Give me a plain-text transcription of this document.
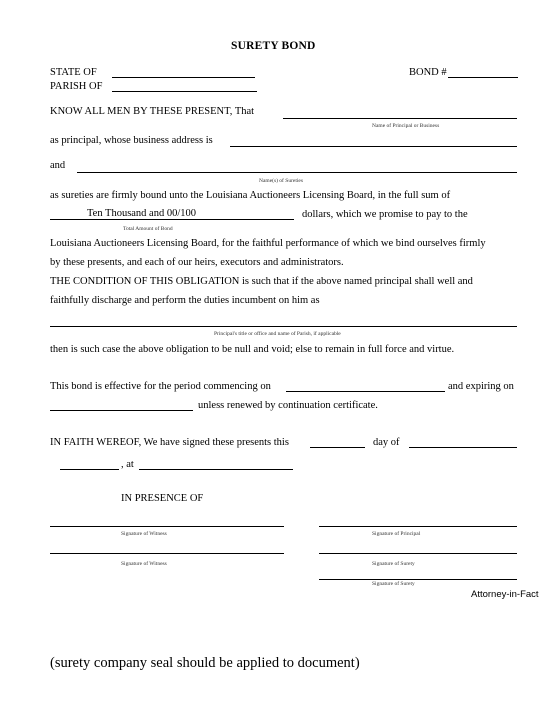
SURETY BOND
STATE OF
PARISH OF
BOND #
KNOW ALL MEN BY THESE PRESENT, That
Name of Principal or Business
as principal, whose business address is
and
Name(s) of Sureties
as sureties are firmly bound unto the Louisiana Auctioneers Licensing Board, in the full sum of
Ten Thousand and 00/100	dollars, which we promise to pay to the
Total Amount of Bond
Louisiana Auctioneers Licensing Board, for the faithful performance of which we bind ourselves firmly
by these presents, and each of our heirs, executors and administrators.
THE CONDITION OF THIS OBLIGATION is such that if the above named principal shall well and
faithfully discharge and perform the duties incumbent on him as
Principal's title or office and name of Parish, if applicable
then is such case the above obligation to be null and void; else to remain in full force and virtue.
This bond is effective for the period commencing on	and expiring on
unless renewed by continuation certificate.
IN FAITH WEREOF, We have signed these presents this	day of
, at
IN PRESENCE OF
Signature of Witness	Signature of Principal
Signature of Witness	Signature of Surety
Signature of Surety
Attorney-in-Fact
(surety company seal should be applied to document)
